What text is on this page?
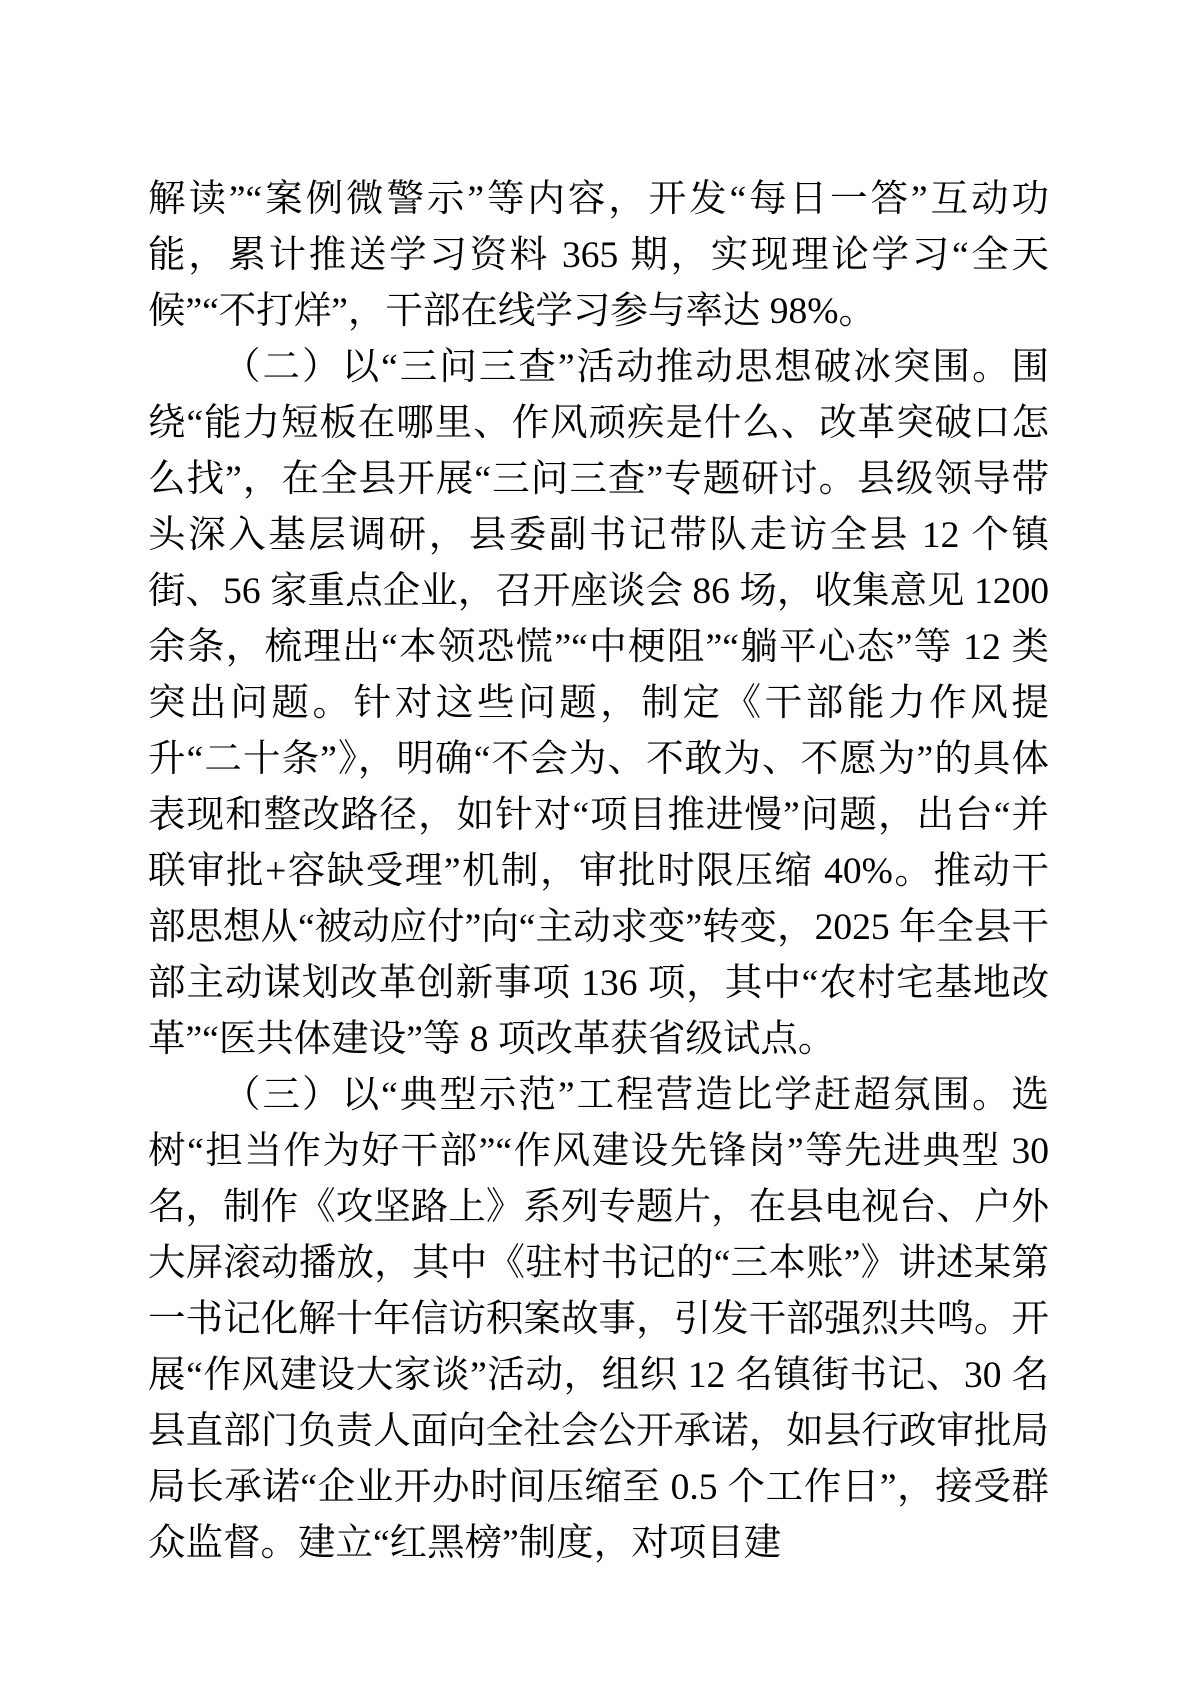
解读”“案例微警示”等内容，开发“每日一答”互动功能，累计推送学习资料 365 期，实现理论学习“全天候”“不打烊”，干部在线学习参与率达 98%。

（二）以“三问三查”活动推动思想破冰突围。围绕“能力短板在哪里、作风顽疾是什么、改革突破口怎么找”，在全县开展“三问三查”专题研讨。县级领导带头深入基层调研，县委副书记带队走访全县 12 个镇街、56 家重点企业，召开座谈会 86 场，收集意见 1200 余条，梳理出“本领恐慌”“中梗阻”“躺平心态”等 12 类突出问题。针对这些问题，制定《干部能力作风提升“二十条”》，明确“不会为、不敢为、不愿为”的具体表现和整改路径，如针对“项目推进慢”问题，出台“并联审批+容缺受理”机制，审批时限压缩 40%。推动干部思想从“被动应付”向“主动求变”转变，2025 年全县干部主动谋划改革创新事项 136 项，其中“农村宅基地改革”“医共体建设”等 8 项改革获省级试点。

（三）以“典型示范”工程营造比学赶超氛围。选树“担当作为好干部”“作风建设先锋岗”等先进典型 30 名，制作《攻坚路上》系列专题片，在县电视台、户外大屏滚动播放，其中《驻村书记的“三本账”》讲述某第一书记化解十年信访积案故事，引发干部强烈共鸣。开展“作风建设大家谈”活动，组织 12 名镇街书记、30 名县直部门负责人面向全社会公开承诺，如县行政审批局局长承诺“企业开办时间压缩至 0.5 个工作日”，接受群众监督。建立“红黑榜”制度，对项目建
